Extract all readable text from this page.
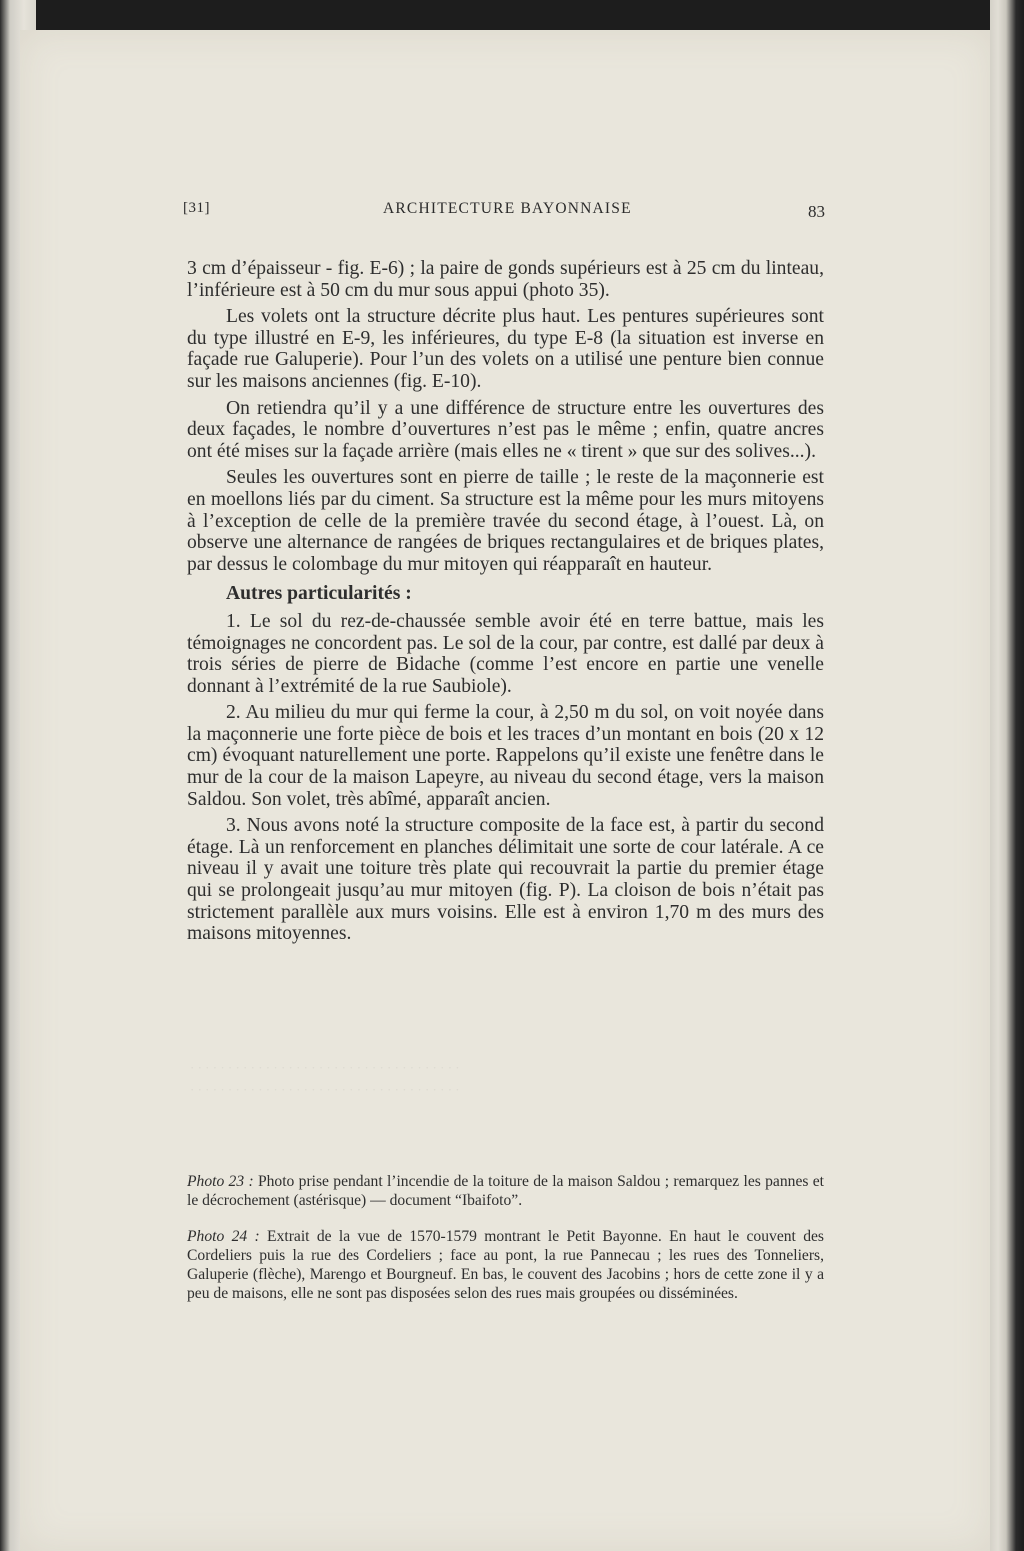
· · · · · · · · · · · · · · · · · · · · · · · · · · · · · · · · · · · ·
· · · · · · · · · · · · · · · · · · · · · · · · · · · · · · · · · · · ·
[31]	ARCHITECTURE BAYONNAISE	83

3 cm d’épaisseur - fig. E-6) ; la paire de gonds supérieurs est à 25 cm du linteau, l’inférieure est à 50 cm du mur sous appui (photo 35).

Les volets ont la structure décrite plus haut. Les pentures supérieures sont du type illustré en E-9, les inférieures, du type E-8 (la situation est inverse en façade rue Galuperie). Pour l’un des volets on a utilisé une penture bien connue sur les maisons anciennes (fig. E-10).

On retiendra qu’il y a une différence de structure entre les ouvertures des deux façades, le nombre d’ouvertures n’est pas le même ; enfin, quatre ancres ont été mises sur la façade arrière (mais elles ne « tirent » que sur des solives...).

Seules les ouvertures sont en pierre de taille ; le reste de la maçonnerie est en moellons liés par du ciment. Sa structure est la même pour les murs mitoyens à l’exception de celle de la première travée du second étage, à l’ouest. Là, on observe une alternance de rangées de briques rectangulaires et de briques plates, par dessus le colombage du mur mitoyen qui réapparaît en hauteur.

Autres particularités :

1. Le sol du rez-de-chaussée semble avoir été en terre battue, mais les témoignages ne concordent pas. Le sol de la cour, par contre, est dallé par deux à trois séries de pierre de Bidache (comme l’est encore en partie une venelle donnant à l’extrémité de la rue Saubiole).

2. Au milieu du mur qui ferme la cour, à 2,50 m du sol, on voit noyée dans la maçonnerie une forte pièce de bois et les traces d’un montant en bois (20 x 12 cm) évoquant naturellement une porte. Rappelons qu’il existe une fenêtre dans le mur de la cour de la maison Lapeyre, au niveau du second étage, vers la maison Saldou. Son volet, très abîmé, apparaît ancien.

3. Nous avons noté la structure composite de la face est, à partir du second étage. Là un renforcement en planches délimitait une sorte de cour latérale. A ce niveau il y avait une toiture très plate qui recouvrait la partie du premier étage qui se prolongeait jusqu’au mur mitoyen (fig. P). La cloison de bois n’était pas strictement parallèle aux murs voisins. Elle est à environ 1,70 m des murs des maisons mitoyennes.

Photo 23 : Photo prise pendant l’incendie de la toiture de la maison Saldou ; remarquez les pannes et le décrochement (astérisque) — document “Ibaifoto”.

Photo 24 : Extrait de la vue de 1570-1579 montrant le Petit Bayonne. En haut le couvent des Cordeliers puis la rue des Cordeliers ; face au pont, la rue Pannecau ; les rues des Tonneliers, Galuperie (flèche), Marengo et Bourgneuf. En bas, le couvent des Jacobins ; hors de cette zone il y a peu de maisons, elle ne sont pas disposées selon des rues mais groupées ou disséminées.
